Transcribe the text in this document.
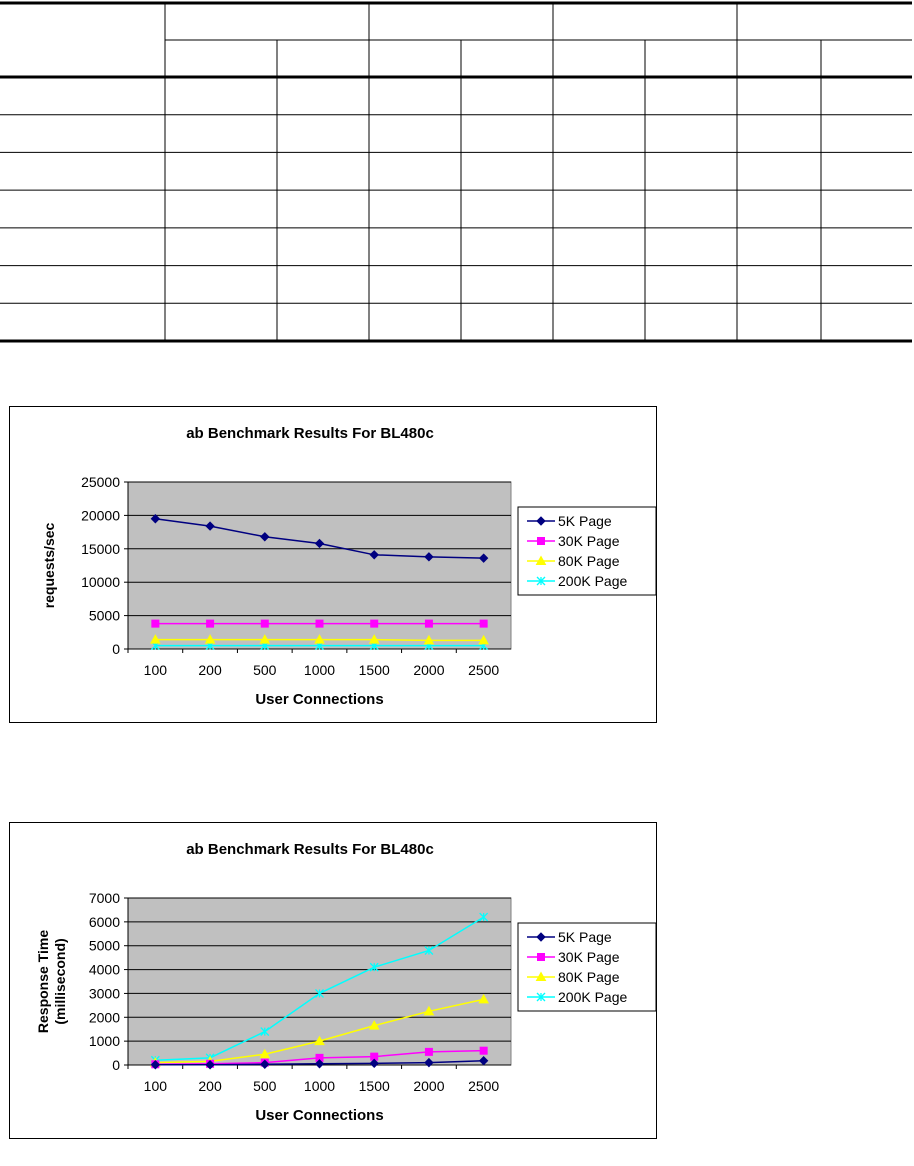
ab Benchmark Results For BL480c
0
5000
10000
15000
20000
25000
100 200 500 1000 1500 2000 2500
User Connections
requests/sec
5K Page
30K Page
80K Page
200K Page
ab Benchmark Results For BL480c
0
1000
2000
3000
4000
5000
6000
7000
100 200 500 1000 1500 2000 2500
User Connections
Response Time(millisecond)
5K Page
30K Page
80K Page
200K Page
